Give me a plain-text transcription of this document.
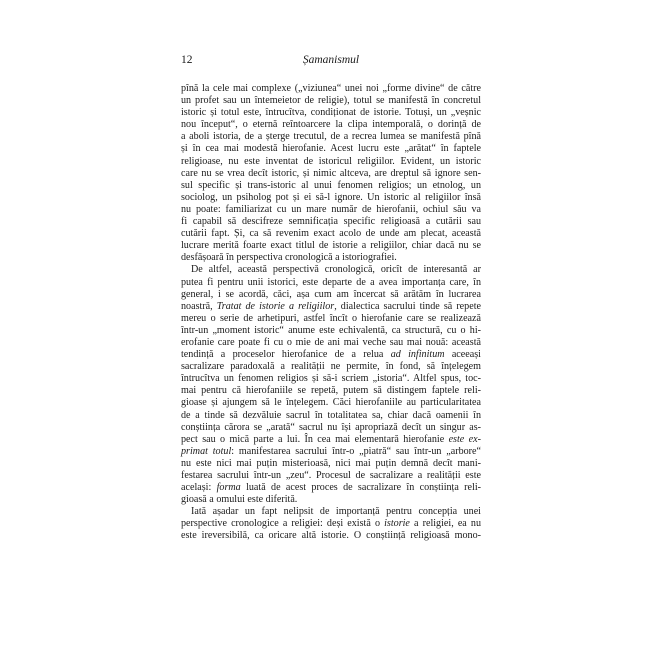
12	Șamanismul

pînă la cele mai complexe („viziunea“ unei noi „forme divine“ de către

un profet sau un întemeietor de religie), totul se manifestă în concretul

istoric și totul este, întrucîtva, condiționat de istorie. Totuși, un „veșnic

nou început“, o eternă reîntoarcere la clipa intemporală, o dorință de

a aboli istoria, de a șterge trecutul, de a recrea lumea se manifestă pînă

și în cea mai modestă hierofanie. Acest lucru este „arătat“ în faptele

religioase, nu este inventat de istoricul religiilor. Evident, un istoric

care nu se vrea decît istoric, și nimic altceva, are dreptul să ignore sen-

sul specific și trans-istoric al unui fenomen religios; un etnolog, un

sociolog, un psiholog pot și ei să-l ignore. Un istoric al religiilor însă

nu poate: familiarizat cu un mare număr de hierofanii, ochiul său va

fi capabil să descifreze semnificația specific religioasă a cutării sau

cutării fapt. Și, ca să revenim exact acolo de unde am plecat, această

lucrare merită foarte exact titlul de istorie a religiilor, chiar dacă nu se

desfășoară în perspectiva cronologică a istoriografiei.

De altfel, această perspectivă cronologică, oricît de interesantă ar

putea fi pentru unii istorici, este departe de a avea importanța care, în

general, i se acordă, căci, așa cum am încercat să arătăm în lucrarea

noastră, Tratat de istorie a religiilor, dialectica sacrului tinde să repete

mereu o serie de arhetipuri, astfel încît o hierofanie care se realizează

într-un „moment istoric“ anume este echivalentă, ca structură, cu o hi-

erofanie care poate fi cu o mie de ani mai veche sau mai nouă: această

tendință a proceselor hierofanice de a relua ad infinitum aceeași

sacralizare paradoxală a realității ne permite, în fond, să înțelegem

întrucîtva un fenomen religios și să-i scriem „istoria“. Altfel spus, toc-

mai pentru că hierofaniile se repetă, putem să distingem faptele reli-

gioase și ajungem să le înțelegem. Căci hierofaniile au particularitatea

de a tinde să dezvăluie sacrul în totalitatea sa, chiar dacă oamenii în

conștiința cărora se „arată“ sacrul nu își apropriază decît un singur as-

pect sau o mică parte a lui. În cea mai elementară hierofanie este ex-

primat totul: manifestarea sacrului într-o „piatră“ sau într-un „arbore“

nu este nici mai puțin misterioasă, nici mai puțin demnă decît mani-

festarea sacrului într-un „zeu“. Procesul de sacralizare a realității este

același: forma luată de acest proces de sacralizare în conștiința reli-

gioasă a omului este diferită.

Iată așadar un fapt nelipsit de importanță pentru concepția unei

perspective cronologice a religiei: deși există o istorie a religiei, ea nu

este ireversibilă, ca oricare altă istorie. O conștiință religioasă mono-
